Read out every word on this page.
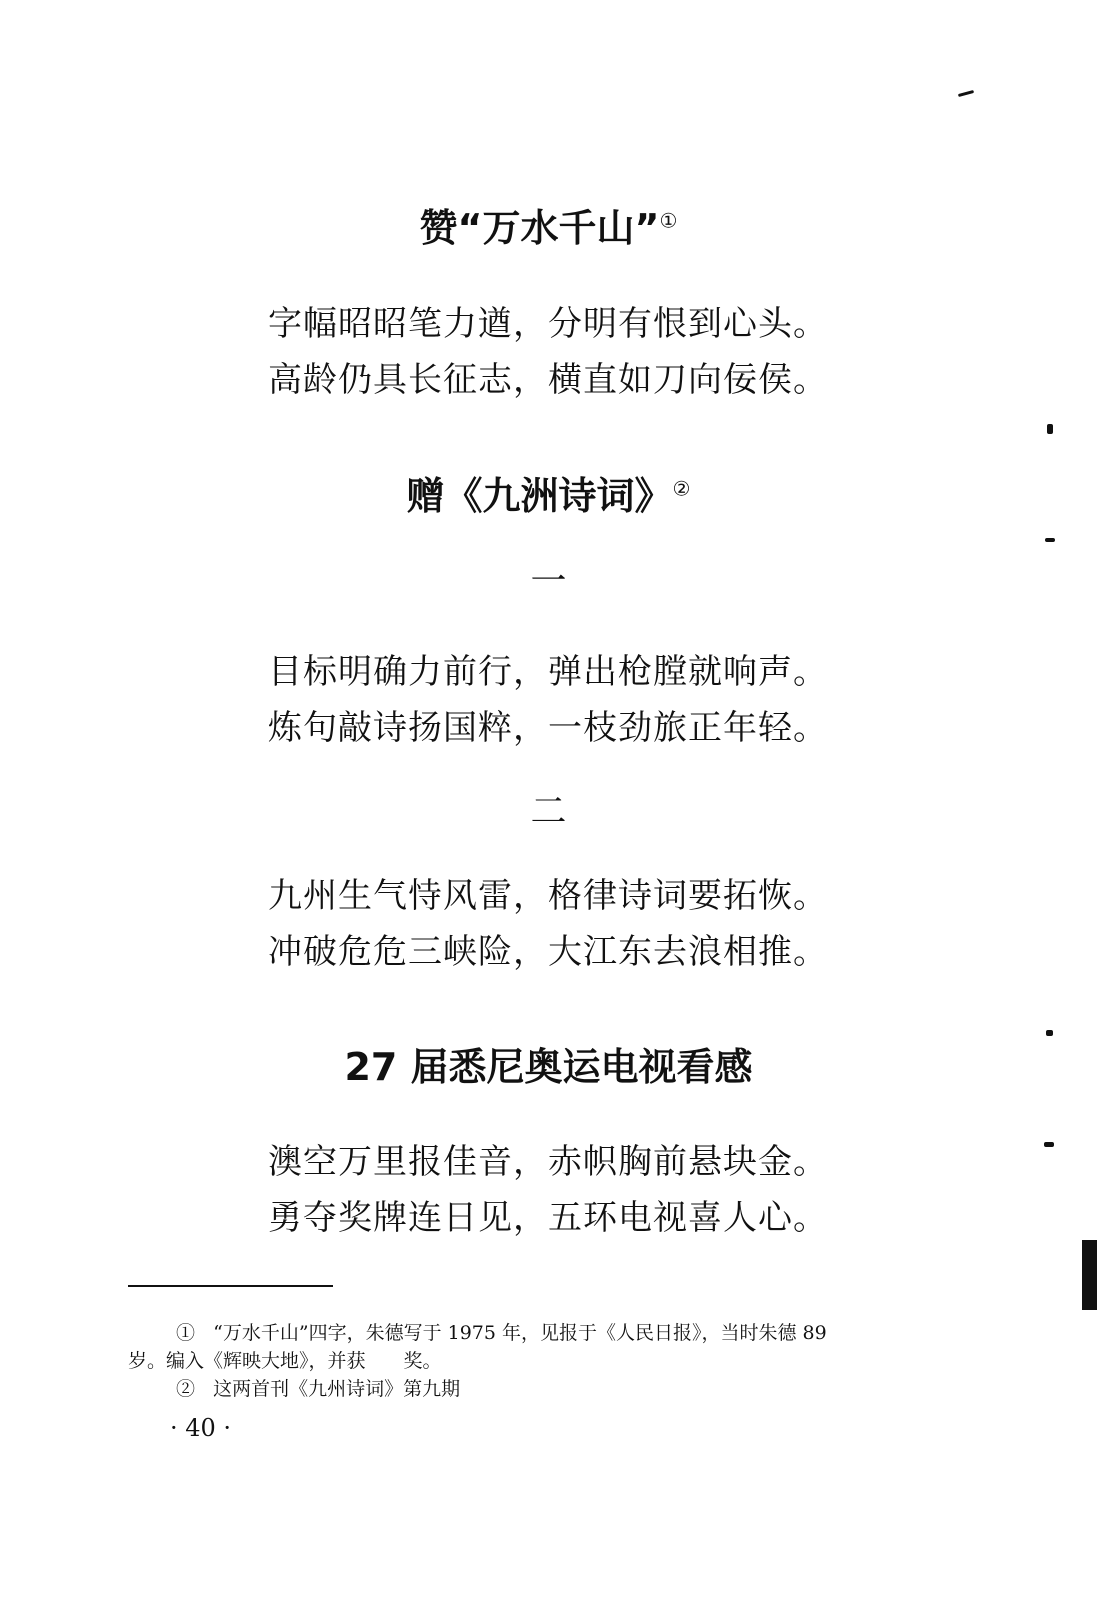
赞“万水千山”①
字幅昭昭笔力遒，分明有恨到心头。
高龄仍具长征志，横直如刀向佞侯。
赠《九洲诗词》②
一
目标明确力前行，弹出枪膛就响声。
炼句敲诗扬国粹，一枝劲旅正年轻。
二
九州生气恃风雷，格律诗词要拓恢。
冲破危危三峡险，大江东去浪相推。
27 届悉尼奥运电视看感
澳空万里报佳音，赤帜胸前悬块金。
勇夺奖牌连日见，五环电视喜人心。
① “万水千山”四字，朱德写于 1975 年，见报于《人民日报》，当时朱德 89
岁。编入《辉映大地》，并获　　奖。
② 这两首刊《九州诗词》第九期
· 40 ·
